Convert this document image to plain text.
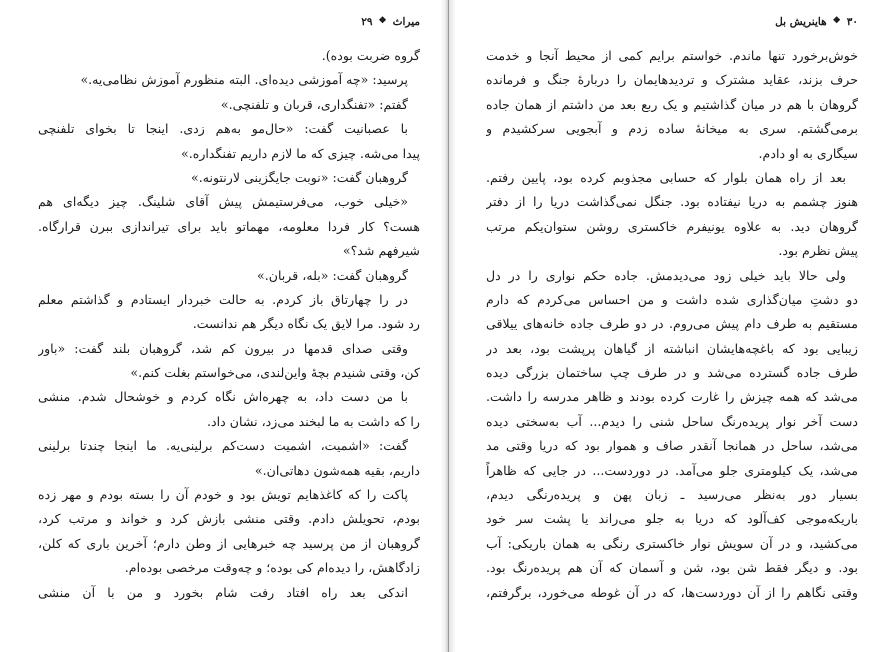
میراث
❖
۲۹
گروه ضربت بوده).
پرسید: «چه آموزشی دیده‌ای. البته منظورم آموزش نظامی‌یه.»
گفتم: «تفنگداری، قربان و تلفنچی.»
با عصبانیت گفت: «حال‌مو به‌هم زدی. اینجا تا بخوای تلفنچی
پیدا می‌شه. چیزی که ما لازم داریم تفنگداره.»
گروهبان گفت: «نوبت جایگزینی لارنتونه.»
«خیلی خوب، می‌فرستیمش پیش آقای شلینگ. چیز دیگه‌ای هم
هست؟ کار فردا معلومه، مهماتو باید برای تیراندازی ببرن قرارگاه.
شیرفهم شد؟»
گروهبان گفت: «بله، قربان.»
در را چهارتاق باز کردم. به حالت خبردار ایستادم و گذاشتم معلم
رد شود. مرا لایق یک نگاه دیگر هم ندانست.
وقتی صدای قدمها در بیرون کم شد، گروهبان بلند گفت: «باور
کن، وقتی شنیدم بچهٔ واین‌لندی، می‌خواستم بغلت کنم.»
با من دست داد، به چهره‌اش نگاه کردم و خوشحال شدم. منشی
را که داشت به ما لبخند می‌زد، نشان داد.
گفت: «اشمیت، اشمیت دست‌کم برلینی‌یه. ما اینجا چندتا برلینی
داریم، بقیه همه‌شون دهاتی‌ان.»
پاکت را که کاغذهایم تویش بود و خودم آن را بسته بودم و مهر زده
بودم، تحویلش دادم. وقتی منشی بازش کرد و خواند و مرتب کرد،
گروهبان از من پرسید چه خبرهایی از وطن دارم؛ آخرین باری که کلن،
زادگاهش، را دیده‌ام کی بوده؛ و چه‌وقت مرخصی بوده‌ام.
اندکی بعد راه افتاد رفت شام بخورد و من با آن منشی
۳۰
❖
هاینریش بل
خوش‌برخورد تنها ماندم. خواستم برایم کمی از محیط آنجا و خدمت
حرف بزند، عقاید مشترک و تردیدهایمان را دربارهٔ جنگ و فرمانده
گروهان با هم در میان گذاشتیم و یک ربع بعد من داشتم از همان جاده
برمی‌گشتم. سری به میخانهٔ ساده زدم و آبجویی سرکشیدم و
سیگاری به او دادم.
بعد از راه همان بلوار که حسابی مجذوبم کرده بود، پایین رفتم.
هنوز چشمم به دریا نیفتاده بود. جنگل نمی‌گذاشت دریا را از دفتر
گروهان دید. به علاوه یونیفرم خاکستری روشن ستوان‌یکم مرتب
پیش نظرم بود.
ولی حالا باید خیلی زود می‌دیدمش. جاده حکم نواری را در دل
دو دشتِ میان‌گذاری شده داشت و من احساس می‌کردم که دارم
مستقیم به طرف دام پیش می‌روم. در دو طرف جاده خانه‌های ییلاقی
زیبایی بود که باغچه‌هایشان انباشته از گیاهان پرپشت بود، بعد در
طرف جاده گسترده می‌شد و در طرف چپ ساختمان بزرگی دیده
می‌شد که همه چیزش را غارت کرده بودند و ظاهر مدرسه را داشت.
دست آخر نوار پریده‌رنگ ساحل شنی را دیدم... آب به‌سختی دیده
می‌شد، ساحل در همانجا آنقدر صاف و هموار بود که دریا وقتی مد
می‌شد، یک کیلومتری جلو می‌آمد. در دوردست... در جایی که ظاهراً
بسیار دور به‌نظر می‌رسید ـ زبان پهن و پریده‌رنگی دیدم،
باریکه‌موجی کف‌آلود که دریا به جلو می‌راند یا پشت سر خود
می‌کشید، و در آن سویش نوار خاکستری رنگی به همان باریکی: آب
بود. و دیگر فقط شن بود، شن و آسمان که آن هم پریده‌رنگ بود.
وقتی نگاهم را از آن دوردست‌ها، که در آن غوطه می‌خورد، برگرفتم،
